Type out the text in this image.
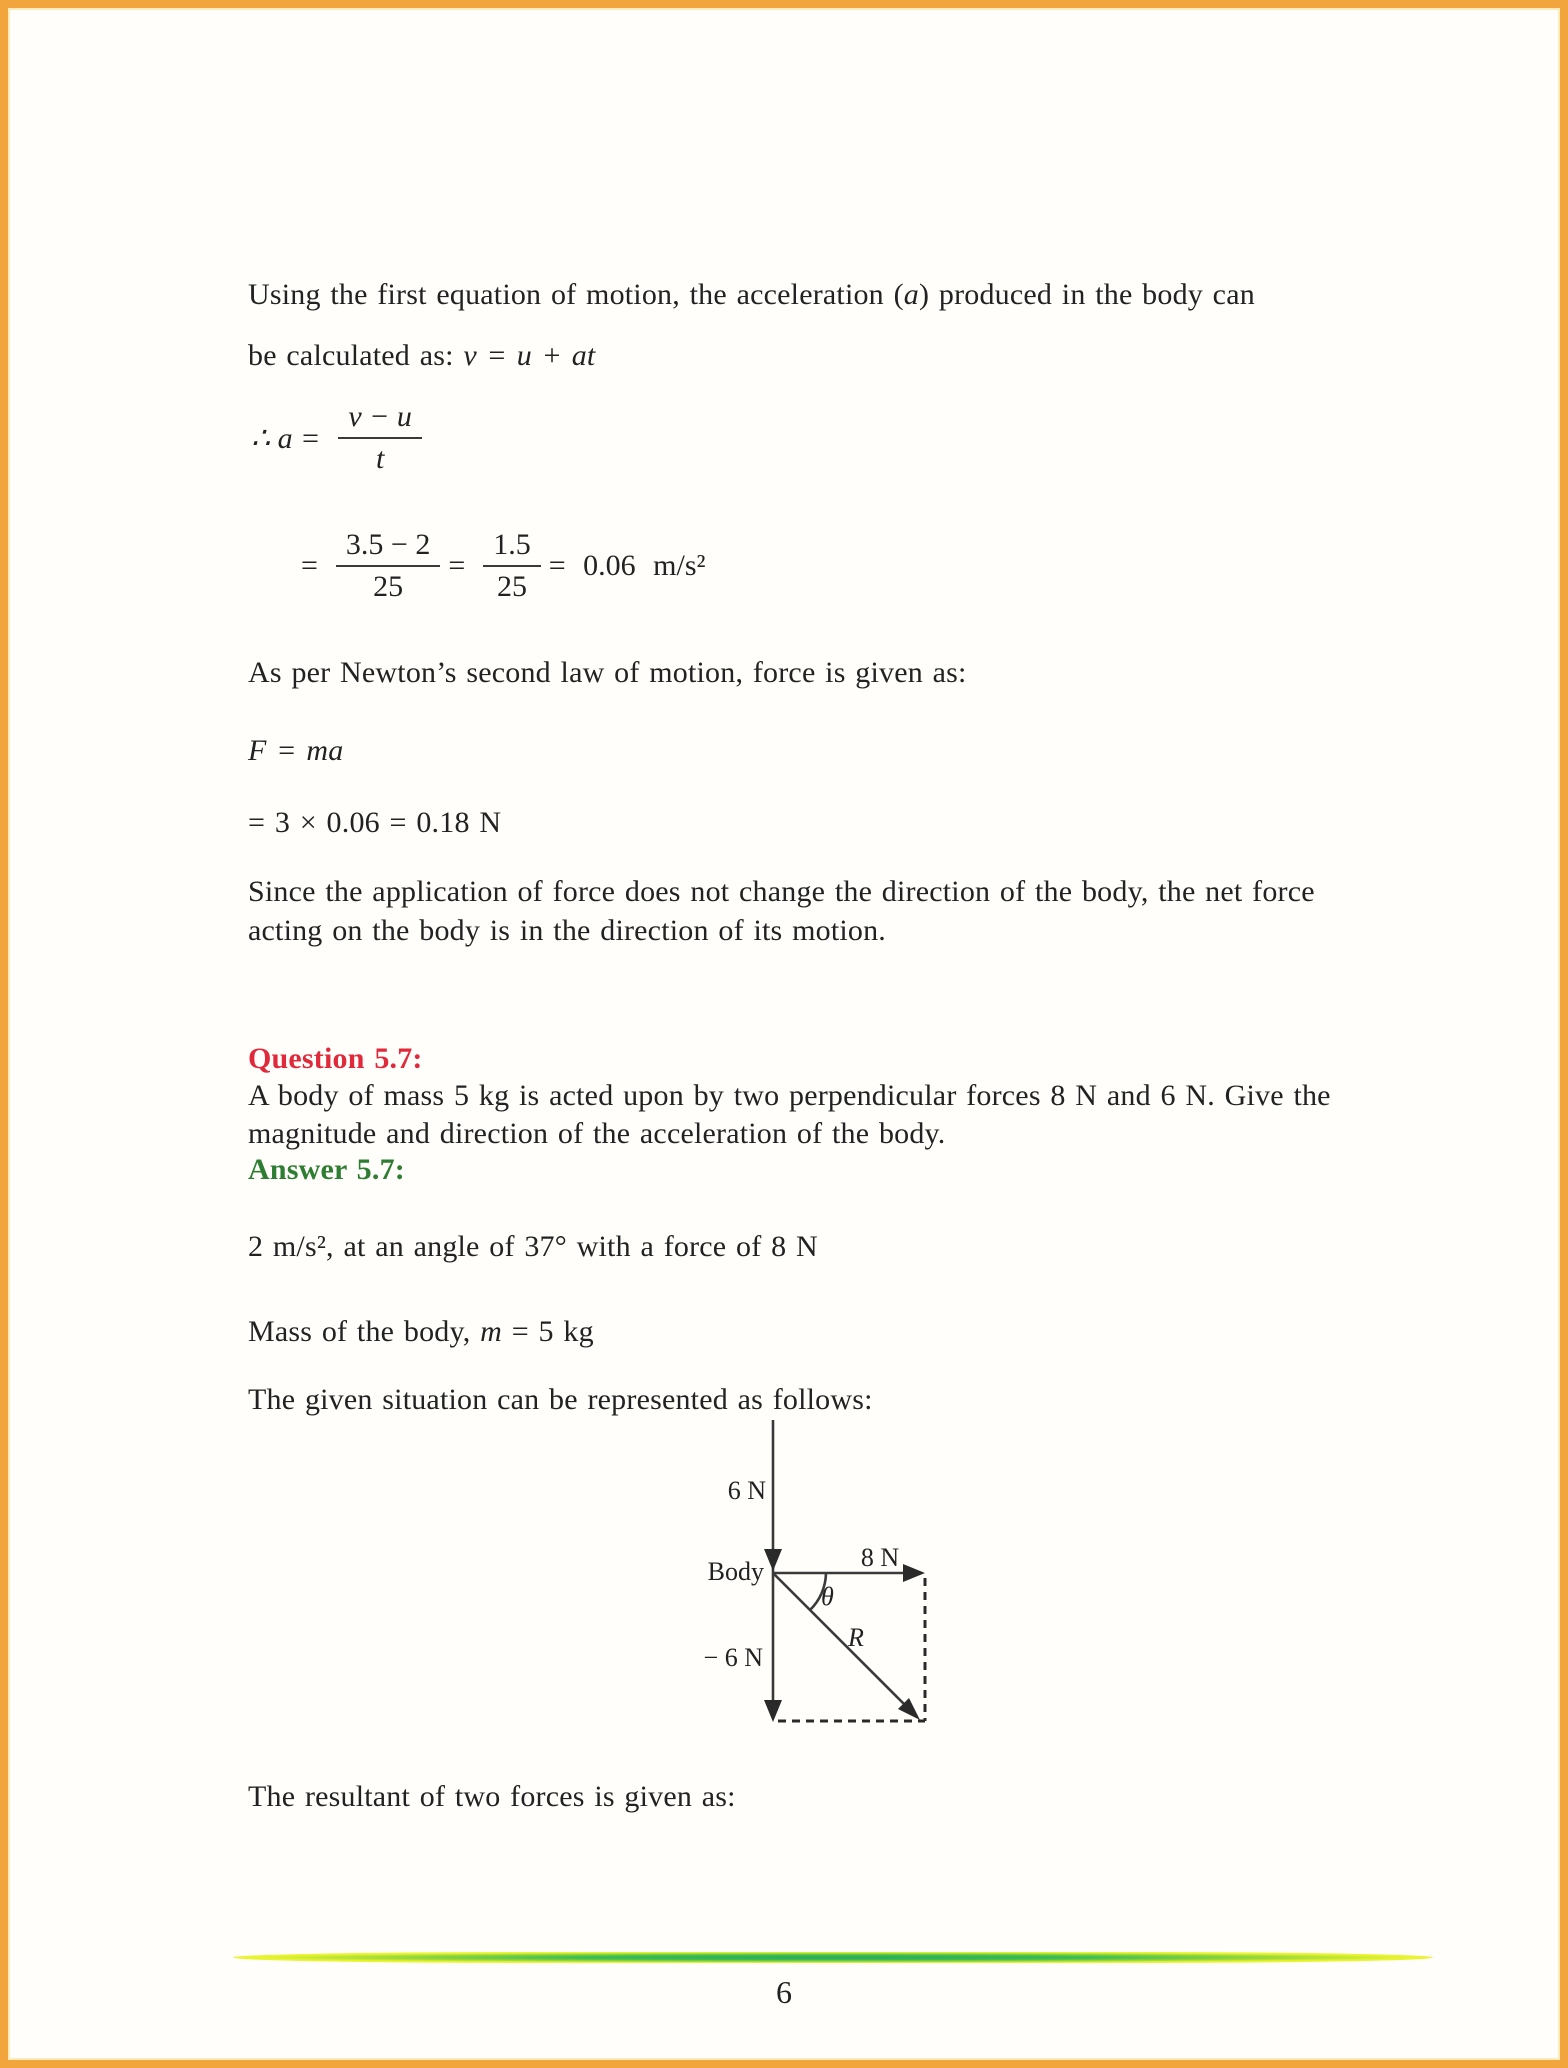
Using the first equation of motion, the acceleration (a) produced in the body can
be calculated as: v = u + at
∴ $a = \frac{v - u}{t}$
= $\frac{3.5 - 2}{25} = \frac{1.5}{25} = 0.06$ m/s²
As per Newton’s second law of motion, force is given as:
F = ma
= 3 × 0.06 = 0.18 N
Since the application of force does not change the direction of the body, the net force
acting on the body is in the direction of its motion.
Question 5.7:
A body of mass 5 kg is acted upon by two perpendicular forces 8 N and 6 N. Give the
magnitude and direction of the acceleration of the body.
Answer 5.7:
2 m/s², at an angle of 37° with a force of 8 N
Mass of the body, m = 5 kg
The given situation can be represented as follows:
6 N
Body	8 N
θ
R
− 6 N
The resultant of two forces is given as:
6
